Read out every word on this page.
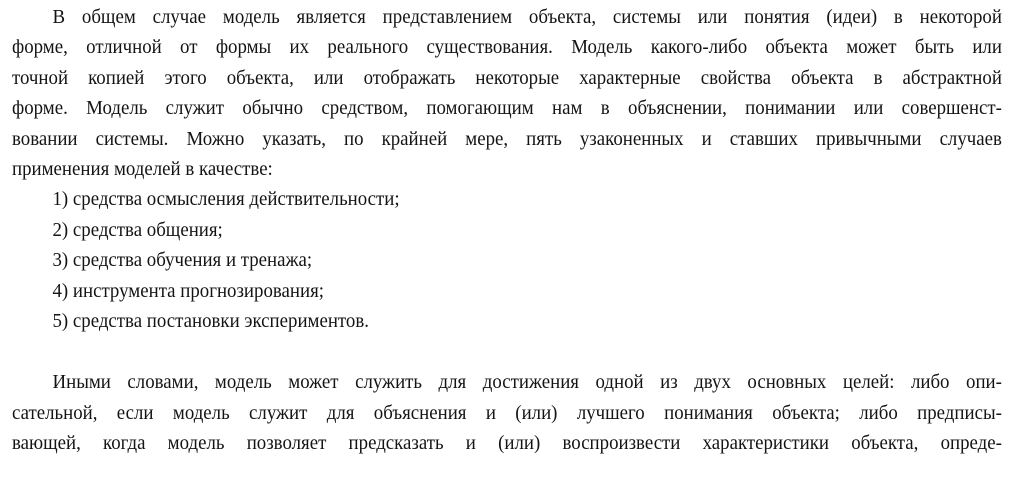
В общем случае модель является представлением объекта, системы или понятия (идеи) в некоторой
форме, отличной от формы их реального существования. Модель какого-либо объекта может быть или
точной копией этого объекта, или отображать некоторые характерные свойства объекта в абстрактной
форме. Модель служит обычно средством, помогающим нам в объяснении, понимании или совершенст-
вовании системы. Можно указать, по крайней мере, пять узаконенных и ставших привычными случаев
применения моделей в качестве:
1) средства осмысления действительности;
2) средства общения;
3) средства обучения и тренажа;
4) инструмента прогнозирования;
5) средства постановки экспериментов.
Иными словами, модель может служить для достижения одной из двух основных целей: либо опи-
сательной, если модель служит для объяснения и (или) лучшего понимания объекта; либо предписы-
вающей, когда модель позволяет предсказать и (или) воспроизвести характеристики объекта, опреде-
